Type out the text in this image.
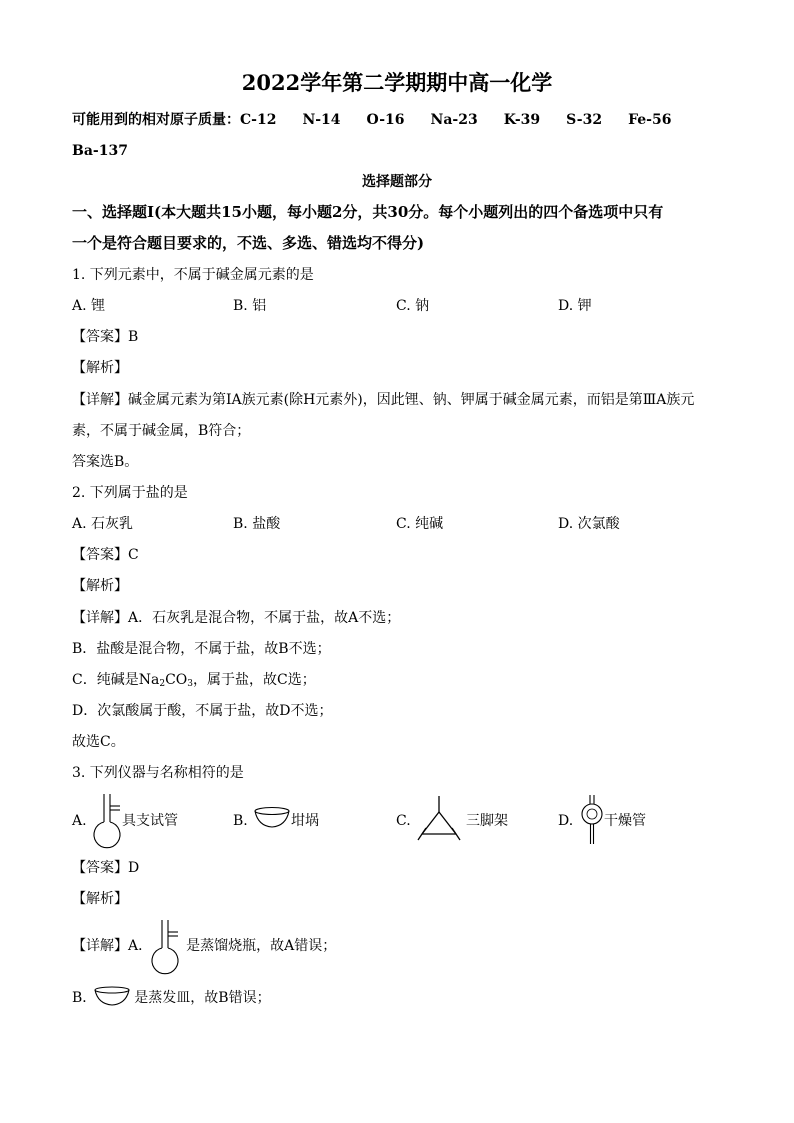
2022学年第二学期期中高一化学
可能用到的相对原子质量：C-12 N-14 O-16 Na-23 K-39 S-32 Fe-56
Ba-137
选择题部分
一、选择题Ⅰ(本大题共15小题，每小题2分，共30分。每个小题列出的四个备选项中只有
一个是符合题目要求的，不选、多选、错选均不得分)
1. 下列元素中，不属于碱金属元素的是
A. 锂	B. 铝	C. 钠	D. 钾
【答案】B
【解析】
【详解】碱金属元素为第ⅠA族元素(除H元素外)，因此锂、钠、钾属于碱金属元素，而铝是第ⅢA族元
素，不属于碱金属，B符合；
答案选B。
2. 下列属于盐的是
A. 石灰乳	B. 盐酸	C. 纯碱	D. 次氯酸
【答案】C
【解析】
【详解】A．石灰乳是混合物，不属于盐，故A不选；
B．盐酸是混合物，不属于盐，故B不选；
C．纯碱是$Na_2CO_3$，属于盐，故C选；
D．次氯酸属于酸，不属于盐，故D不选；
故选C。
3. 下列仪器与名称相符的是
A.	具支试管	B.	坩埚	C.	三脚架	D. 干燥管
【答案】D
【解析】
【详解】A． 是蒸馏烧瓶，故A错误；
B．	是蒸发皿，故B错误；
